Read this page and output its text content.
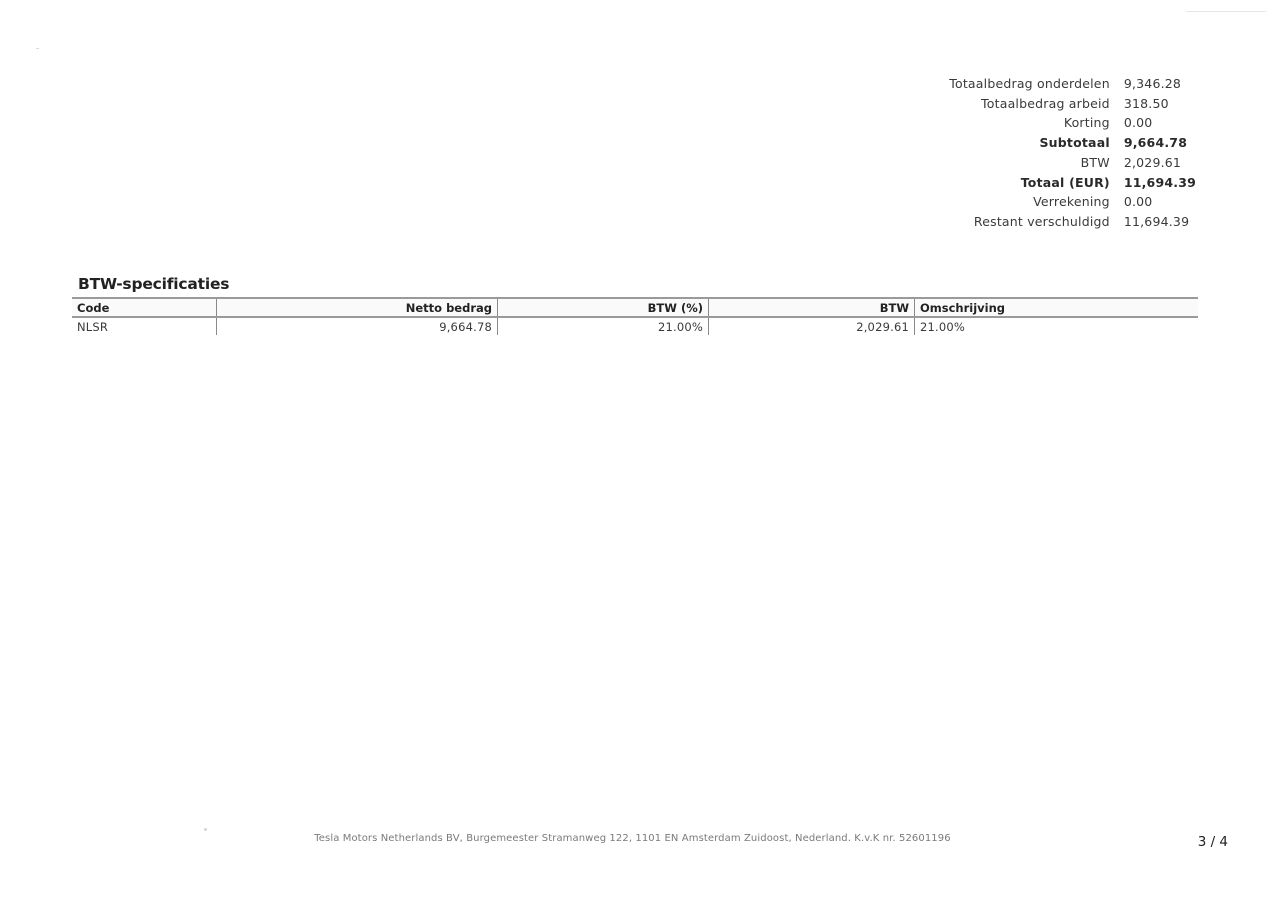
Totaalbedrag onderdelen	9,346.28
Totaalbedrag arbeid	318.50
Korting	0.00
Subtotaal	9,664.78
BTW	2,029.61
Totaal (EUR)	11,694.39
Verrekening	0.00
Restant verschuldigd	11,694.39
BTW-specificaties
Code	Netto bedrag	BTW (%)	BTW	Omschrijving
NLSR	9,664.78	21.00%	2,029.61	21.00%
Tesla Motors Netherlands BV, Burgemeester Stramanweg 122, 1101 EN Amsterdam Zuidoost, Nederland. K.v.K nr. 52601196	3 / 4
